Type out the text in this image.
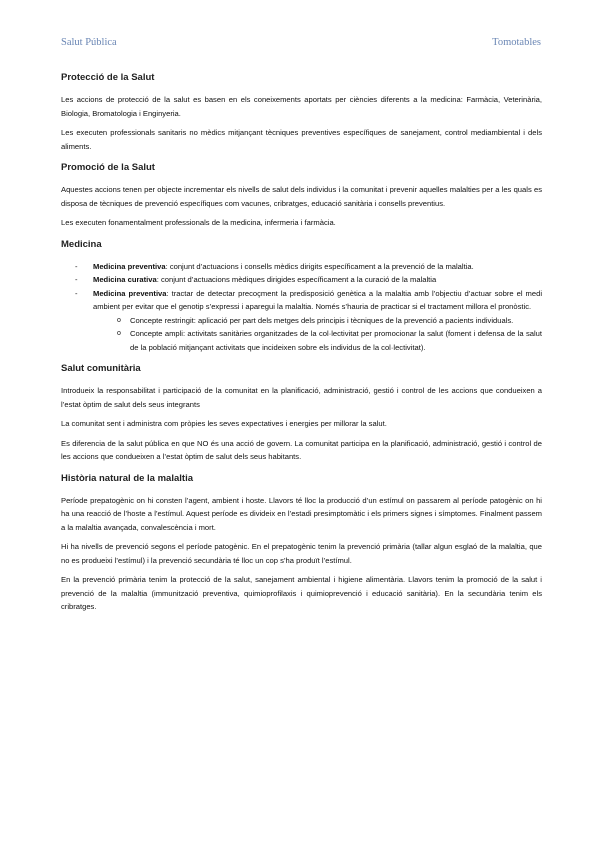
Salut Pública	Tomotables
Protecció de la Salut

Les accions de protecció de la salut es basen en els coneixements aportats per ciències diferents a la medicina: Farmàcia, Veterinària, Biologia, Bromatologia i Enginyeria.

Les executen professionals sanitaris no mèdics mitjançant tècniques preventives específiques de sanejament, control mediambiental i dels aliments.

Promoció de la Salut

Aquestes accions tenen per objecte incrementar els nivells de salut dels individus i la comunitat i prevenir aquelles malalties per a les quals es disposa de tècniques de prevenció específiques com vacunes, cribratges, educació sanitària i consells preventius.

Les executen fonamentalment professionals de la medicina, infermeria i farmàcia.

Medicina
- Medicina preventiva: conjunt d’actuacions i consells mèdics dirigits específicament a la prevenció de la malaltia.
- Medicina curativa: conjunt d’actuacions mèdiques dirigides específicament a la curació de la malaltia
- Medicina preventiva: tractar de detectar precoçment la predisposició genètica a la malaltia amb l’objectiu d’actuar sobre el medi ambient per evitar que el genotip s’expressi i aparegui la malaltia. Només s’hauria de practicar si el tractament millora el pronòstic.
o Concepte restringit: aplicació per part dels metges dels principis i tècniques de la prevenció a pacients individuals.
o Concepte ampli: activitats sanitàries organitzades de la col·lectivitat per promocionar la salut (foment i defensa de la salut de la població mitjançant activitats que incideixen sobre els individus de la col·lectivitat).
Salut comunitària

Introdueix la responsabilitat i participació de la comunitat en la planificació, administració, gestió i control de les accions que condueixen a l’estat òptim de salut dels seus integrants

La comunitat sent i administra com pròpies les seves expectatives i energies per millorar la salut.

Es diferencia de la salut pública en que NO és una acció de govern. La comunitat participa en la planificació, administració, gestió i control de les accions que condueixen a l’estat òptim de salut dels seus habitants.

Història natural de la malaltia

Període prepatogènic on hi consten l’agent, ambient i hoste. Llavors té lloc la producció d’un estímul on passarem al període patogènic on hi ha una reacció de l’hoste a l’estímul. Aquest període es divideix en l’estadi presimptomàtic i els primers signes i símptomes. Finalment passem a la malaltia avançada, convalescència i mort.

Hi ha nivells de prevenció segons el període patogènic. En el prepatogènic tenim la prevenció primària (tallar algun esglaó de la malaltia, que no es produeixi l’estímul) i la prevenció secundària té lloc un cop s’ha produït l’estímul.

En la prevenció primària tenim la protecció de la salut, sanejament ambiental i higiene alimentària. Llavors tenim la promoció de la salut i prevenció de la malaltia (immunització preventiva, quimioprofilaxis i quimioprevenció i educació sanitària). En la secundària tenim els cribratges.
